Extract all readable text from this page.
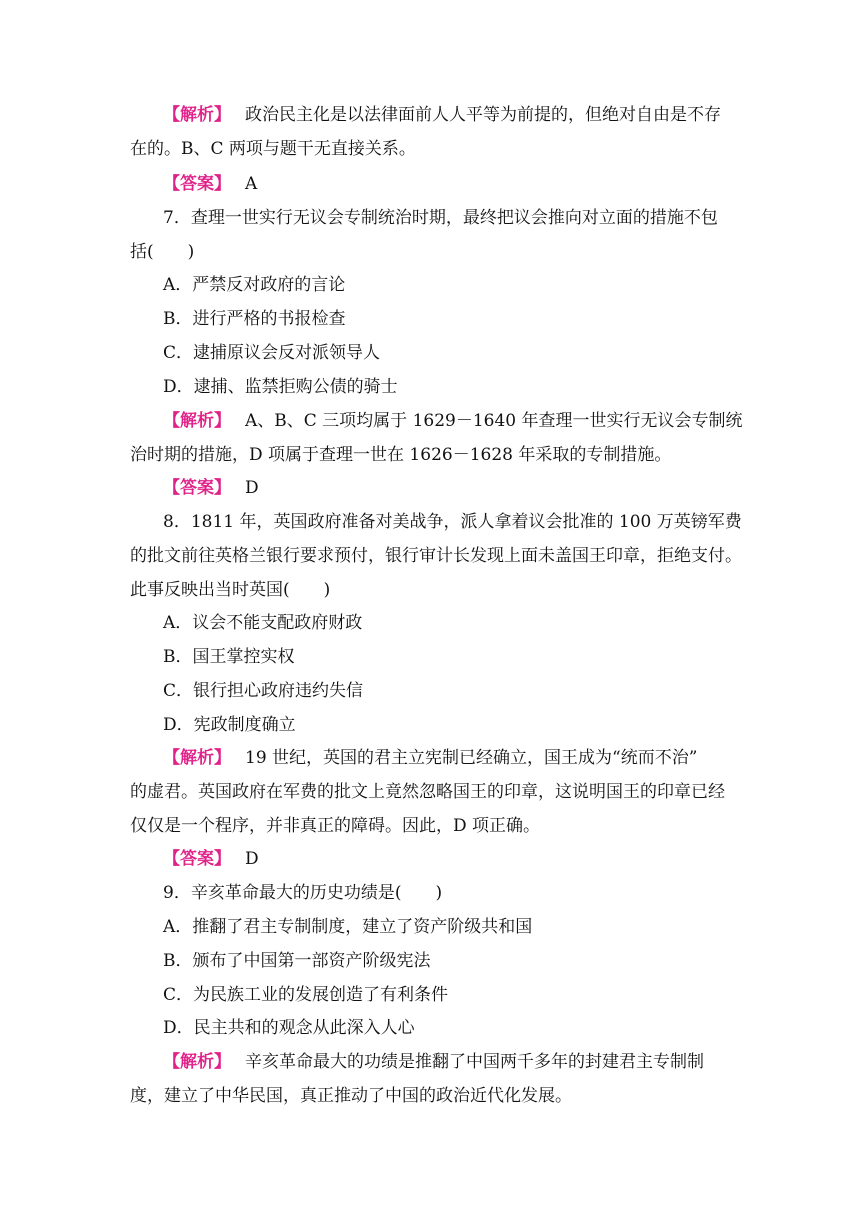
【解析】 政治民主化是以法律面前人人平等为前提的，但绝对自由是不存
在的。B、C 两项与题干无直接关系。
【答案】 A
7．查理一世实行无议会专制统治时期，最终把议会推向对立面的措施不包
括(　　)
A．严禁反对政府的言论
B．进行严格的书报检查
C．逮捕原议会反对派领导人
D．逮捕、监禁拒购公债的骑士
【解析】 A、B、C 三项均属于 1629－1640 年查理一世实行无议会专制统
治时期的措施，D 项属于查理一世在 1626－1628 年采取的专制措施。
【答案】 D
8．1811 年，英国政府准备对美战争，派人拿着议会批准的 100 万英镑军费
的批文前往英格兰银行要求预付，银行审计长发现上面未盖国王印章，拒绝支付。
此事反映出当时英国(　　)
A．议会不能支配政府财政
B．国王掌控实权
C．银行担心政府违约失信
D．宪政制度确立
【解析】 19 世纪，英国的君主立宪制已经确立，国王成为“统而不治”
的虚君。英国政府在军费的批文上竟然忽略国王的印章，这说明国王的印章已经
仅仅是一个程序，并非真正的障碍。因此，D 项正确。
【答案】 D
9．辛亥革命最大的历史功绩是(　　)
A．推翻了君主专制制度，建立了资产阶级共和国
B．颁布了中国第一部资产阶级宪法
C．为民族工业的发展创造了有利条件
D．民主共和的观念从此深入人心
【解析】 辛亥革命最大的功绩是推翻了中国两千多年的封建君主专制制
度，建立了中华民国，真正推动了中国的政治近代化发展。
